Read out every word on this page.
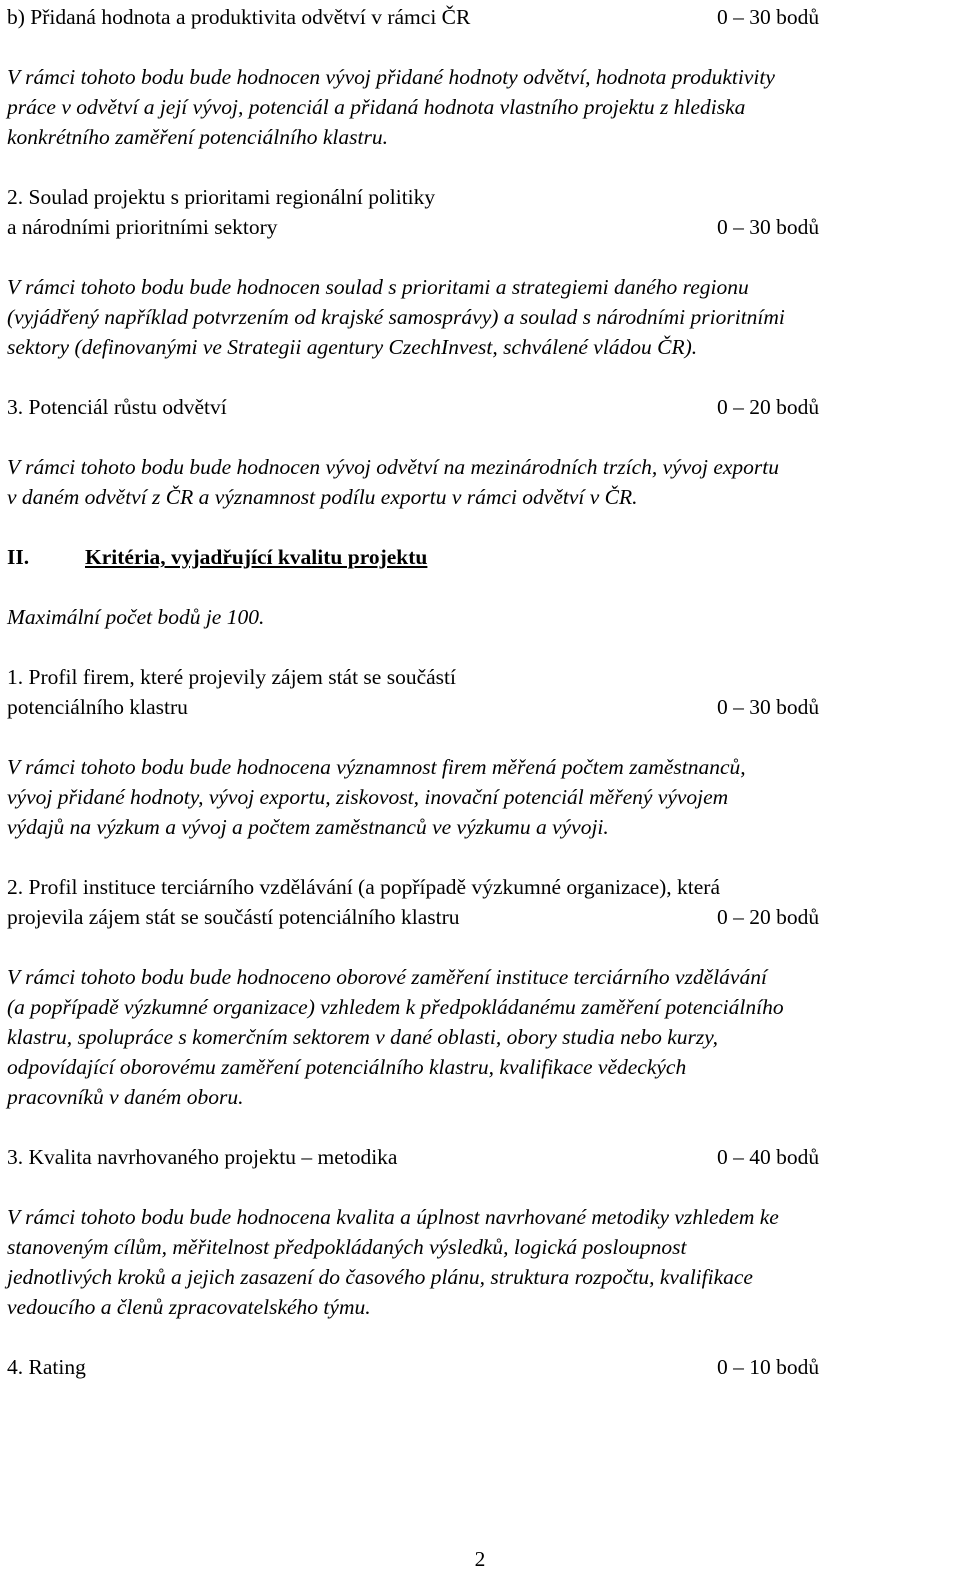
b) Přidaná hodnota a produktivita odvětví v rámci ČR	0 – 30 bodů
V rámci tohoto bodu bude hodnocen vývoj přidané hodnoty odvětví, hodnota produktivity
práce v odvětví a její vývoj, potenciál a přidaná hodnota vlastního projektu z hlediska
konkrétního zaměření potenciálního klastru.
2. Soulad projektu s prioritami regionální politiky
a národními prioritními sektory	0 – 30 bodů
V rámci tohoto bodu bude hodnocen soulad s prioritami a strategiemi daného regionu
(vyjádřený například potvrzením od krajské samosprávy) a soulad s národními prioritními
sektory (definovanými ve Strategii agentury CzechInvest, schválené vládou ČR).
3. Potenciál růstu odvětví	0 – 20 bodů
V rámci tohoto bodu bude hodnocen vývoj odvětví na mezinárodních trzích, vývoj exportu
v daném odvětví z ČR a významnost podílu exportu v rámci odvětví v ČR.
II.	Kritéria, vyjadřující kvalitu projektu
Maximální počet bodů je 100.
1. Profil firem, které projevily zájem stát se součástí
potenciálního klastru	0 – 30 bodů
V rámci tohoto bodu bude hodnocena významnost firem měřená počtem zaměstnanců,
vývoj přidané hodnoty, vývoj exportu, ziskovost, inovační potenciál měřený vývojem
výdajů na výzkum a vývoj a počtem zaměstnanců ve výzkumu a vývoji.
2. Profil instituce terciárního vzdělávání (a popřípadě výzkumné organizace), která
projevila zájem stát se součástí potenciálního klastru	0 – 20 bodů
V rámci tohoto bodu bude hodnoceno oborové zaměření instituce terciárního vzdělávání
(a popřípadě výzkumné organizace) vzhledem k předpokládanému zaměření potenciálního
klastru, spolupráce s komerčním sektorem v dané oblasti, obory studia nebo kurzy,
odpovídající oborovému zaměření potenciálního klastru, kvalifikace vědeckých
pracovníků v daném oboru.
3. Kvalita navrhovaného projektu – metodika	0 – 40 bodů
V rámci tohoto bodu bude hodnocena kvalita a úplnost navrhované metodiky vzhledem ke
stanoveným cílům, měřitelnost předpokládaných výsledků, logická posloupnost
jednotlivých kroků a jejich zasazení do časového plánu, struktura rozpočtu, kvalifikace
vedoucího a členů zpracovatelského týmu.
4. Rating	0 – 10 bodů
2
